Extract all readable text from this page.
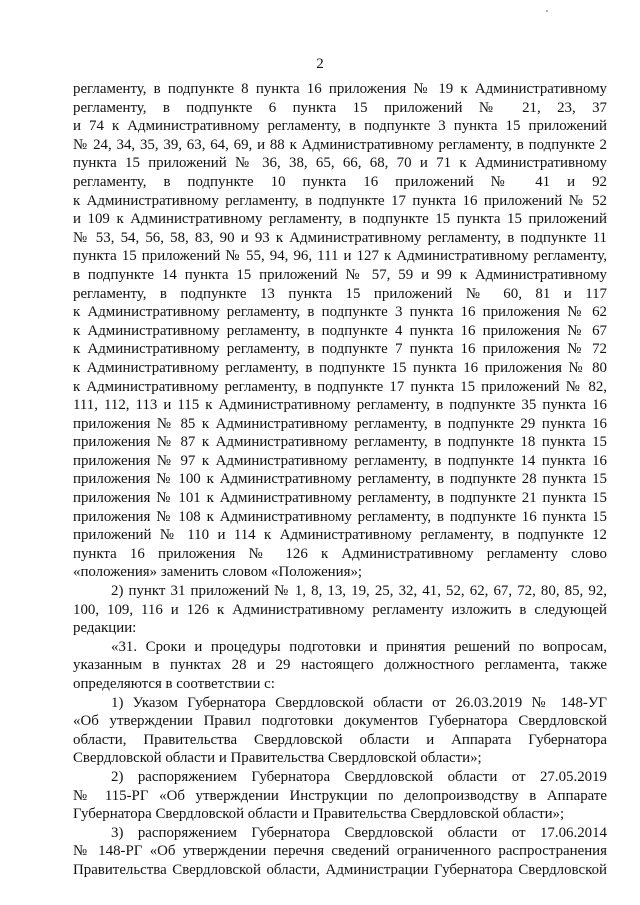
2
регламенту, в подпункте 8 пункта 16 приложения № 19 к Административному
регламенту, в подпункте 6 пункта 15 приложений № 21, 23, 37
и 74 к Административному регламенту, в подпункте 3 пункта 15 приложений
№ 24, 34, 35, 39, 63, 64, 69, и 88 к Административному регламенту, в подпункте 2
пункта 15 приложений № 36, 38, 65, 66, 68, 70 и 71 к Административному
регламенту, в подпункте 10 пункта 16 приложений № 41 и 92
к Административному регламенту, в подпункте 17 пункта 16 приложений № 52
и 109 к Административному регламенту, в подпункте 15 пункта 15 приложений
№ 53, 54, 56, 58, 83, 90 и 93 к Административному регламенту, в подпункте 11
пункта 15 приложений № 55, 94, 96, 111 и 127 к Административному регламенту,
в подпункте 14 пункта 15 приложений № 57, 59 и 99 к Административному
регламенту, в подпункте 13 пункта 15 приложений № 60, 81 и 117
к Административному регламенту, в подпункте 3 пункта 16 приложения № 62
к Административному регламенту, в подпункте 4 пункта 16 приложения № 67
к Административному регламенту, в подпункте 7 пункта 16 приложения № 72
к Административному регламенту, в подпункте 15 пункта 16 приложения № 80
к Административному регламенту, в подпункте 17 пункта 15 приложений № 82,
111, 112, 113 и 115 к Административному регламенту, в подпункте 35 пункта 16
приложения № 85 к Административному регламенту, в подпункте 29 пункта 16
приложения № 87 к Административному регламенту, в подпункте 18 пункта 15
приложения № 97 к Административному регламенту, в подпункте 14 пункта 16
приложения № 100 к Административному регламенту, в подпункте 28 пункта 15
приложения № 101 к Административному регламенту, в подпункте 21 пункта 15
приложения № 108 к Административному регламенту, в подпункте 16 пункта 15
приложений № 110 и 114 к Административному регламенту, в подпункте 12
пункта 16 приложения № 126 к Административному регламенту слово
«положения» заменить словом «Положения»;
2) пункт 31 приложений № 1, 8, 13, 19, 25, 32, 41, 52, 62, 67, 72, 80, 85, 92,
100, 109, 116 и 126 к Административному регламенту изложить в следующей
редакции:
«31. Сроки и процедуры подготовки и принятия решений по вопросам,
указанным в пунктах 28 и 29 настоящего должностного регламента, также
определяются в соответствии с:
1) Указом Губернатора Свердловской области от 26.03.2019 № 148-УГ
«Об утверждении Правил подготовки документов Губернатора Свердловской
области, Правительства Свердловской области и Аппарата Губернатора
Свердловской области и Правительства Свердловской области»;
2) распоряжением Губернатора Свердловской области от 27.05.2019
№ 115-РГ «Об утверждении Инструкции по делопроизводству в Аппарате
Губернатора Свердловской области и Правительства Свердловской области»;
3) распоряжением Губернатора Свердловской области от 17.06.2014
№ 148-РГ «Об утверждении перечня сведений ограниченного распространения
Правительства Свердловской области, Администрации Губернатора Свердловской
